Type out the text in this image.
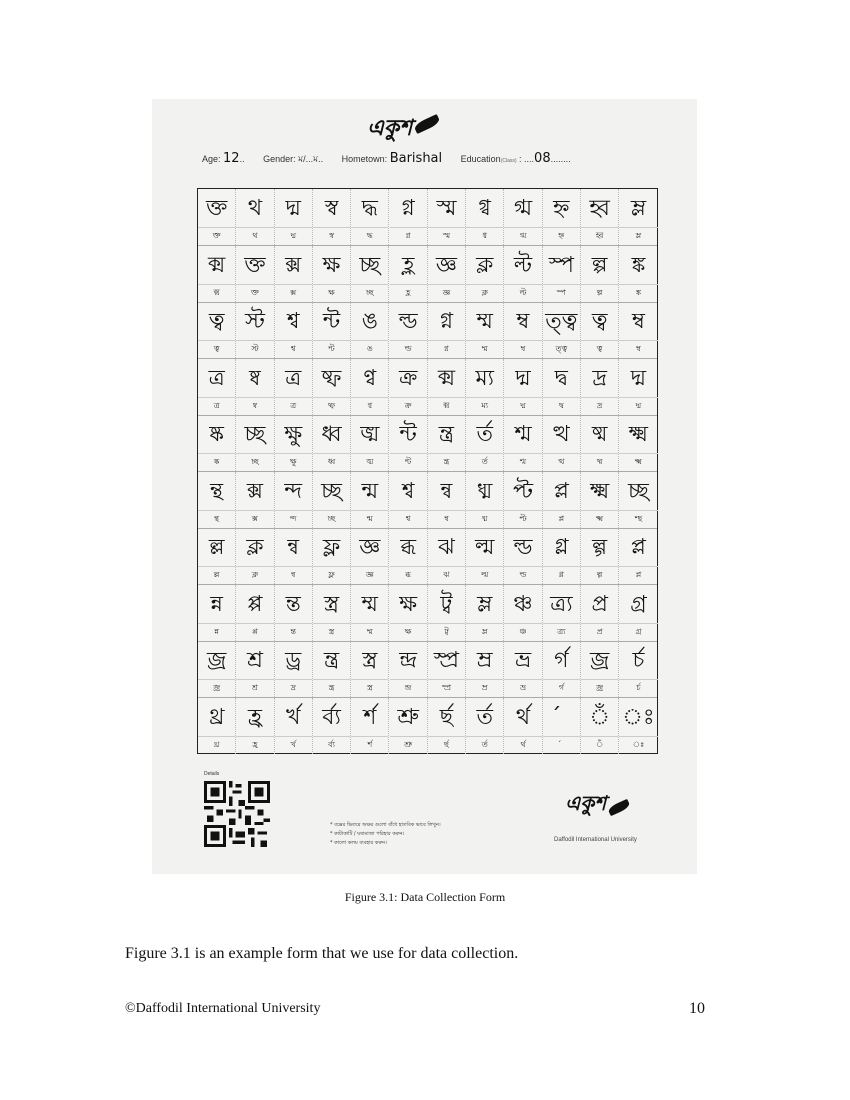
একুশ
Age: 12.. Gender: ম/...ম.. Hometown: Barishal Education(Class) : ....08........
ক্ত
ক্ত
থ
থ
দ্ম
দ্ম
স্ব
স্ব
দ্ধ
দ্ধ
গ্ন
গ্ন
স্ম
স্ম
গ্ব
গ্ব
গ্ম
গ্ম
হ্ন
হ্ন
হ্ব
হ্ব
ম্ল
ম্ল
ক্ম
ক্ম
ক্ত
ক্ত
ক্স
ক্স
ক্ষ
ক্ষ
চ্ছ
চ্ছ
হ্ল
হ্ল
জ্ঞ
জ্ঞ
ক্ল
ক্ল
ল্ট
ল্ট
স্প
স্প
ল্প
ল্প
ঙ্ক
ঙ্ক
ত্ব
ত্ব
স্ট
স্ট
শ্ব
শ্ব
ন্ট
ন্ট
ঙ
ঙ
ল্ড
ল্ড
গ্ন
গ্ন
ম্ম
ম্ম
ম্ব
ম্ব
ত্ত্ব
ত্ত্ব
ত্ব
ত্ব
ম্ব
ম্ব
ত্র
ত্র
ষ্ব
ষ্ব
ত্র
ত্র
ষ্ফ
ষ্ফ
ণ্ব
ণ্ব
ক্র
ক্র
ক্ম
ক্ম
ম্য
ম্য
দ্ম
দ্ম
দ্ব
দ্ব
দ্র
দ্র
দ্ম
দ্ম
ষ্ক
ষ্ক
চ্ছ
চ্ছ
ক্ষু
ক্ষু
ধ্ব
ধ্ব
ঙ্ম
ঙ্ম
ন্ট
ন্ট
ন্ত্র
ন্ত্র
র্ত
র্ত
শ্ম
শ্ম
ত্থ
ত্থ
ষ্ম
ষ্ম
ক্ষ্ম
ক্ষ্ম
ন্থ
ন্থ
ক্স
ক্স
ন্দ
ন্দ
চ্ছ
চ্ছ
ন্ম
ন্ম
শ্ব
শ্ব
ন্ব
ন্ব
ধ্ম
ধ্ম
প্ট
প্ট
প্ল
প্ল
ক্ষ্ম
ক্ষ্ম
চ্ছ
শ্ছ
ল্ল
ল্ল
ক্ল
ক্ল
ন্ব
ন্ব
ফ্ল
ফ্ল
জ্ঞ
জ্ঞ
ব্ধ
ব্ধ
ঝ
ঝ
ল্ম
ল্ম
ল্ড
ল্ড
গ্ল
গ্ল
ল্গ
ল্গ
প্ল
প্ল
ন্ন
ন্ন
প্প
প্প
ন্ত
ন্ত
স্ত্র
স্ত্র
ম্ম
ম্ম
ক্ষ
ক্ষ
ট্ব
ট্ব
ম্ল
ম্ল
ঞ্চ
ঞ্চ
ত্র্য
ত্র্য
প্র
প্র
গ্র
গ্র
জ্র
জ্র
শ্র
শ্র
ড্র
দ্র
ন্ত্র
ন্ত্র
স্ত্র
স্ত্র
ন্দ্র
ন্দ্র
স্প্র
স্প্র
ম্র
ম্র
ভ্র
ভ্র
র্গ
র্গ
জ্র
জ্র
র্চ
র্চ
থ্র
থ্র
হ্র
হ্র
র্খ
র্খ
র্ব্য
র্ব্য
র্শ
র্শ
শ্রু
শ্রু
র্ছ
র্ছ
র্ত
র্ত
র্থ
র্থ
ঁ
ঁ
ঃ
ঃ
Details
* বক্সের ভিতরে অক্ষর গুলো বাঁধে হাতবিক ভাবে লিখুন।
* কাটাকাটি / ঘষামাজা পরিহার করুন।
* কালো কলম ব্যবহার করুন।
একুশ
Daffodil International University
Figure 3.1: Data Collection Form
Figure 3.1 is an example form that we use for data collection.
©Daffodil International University	10
